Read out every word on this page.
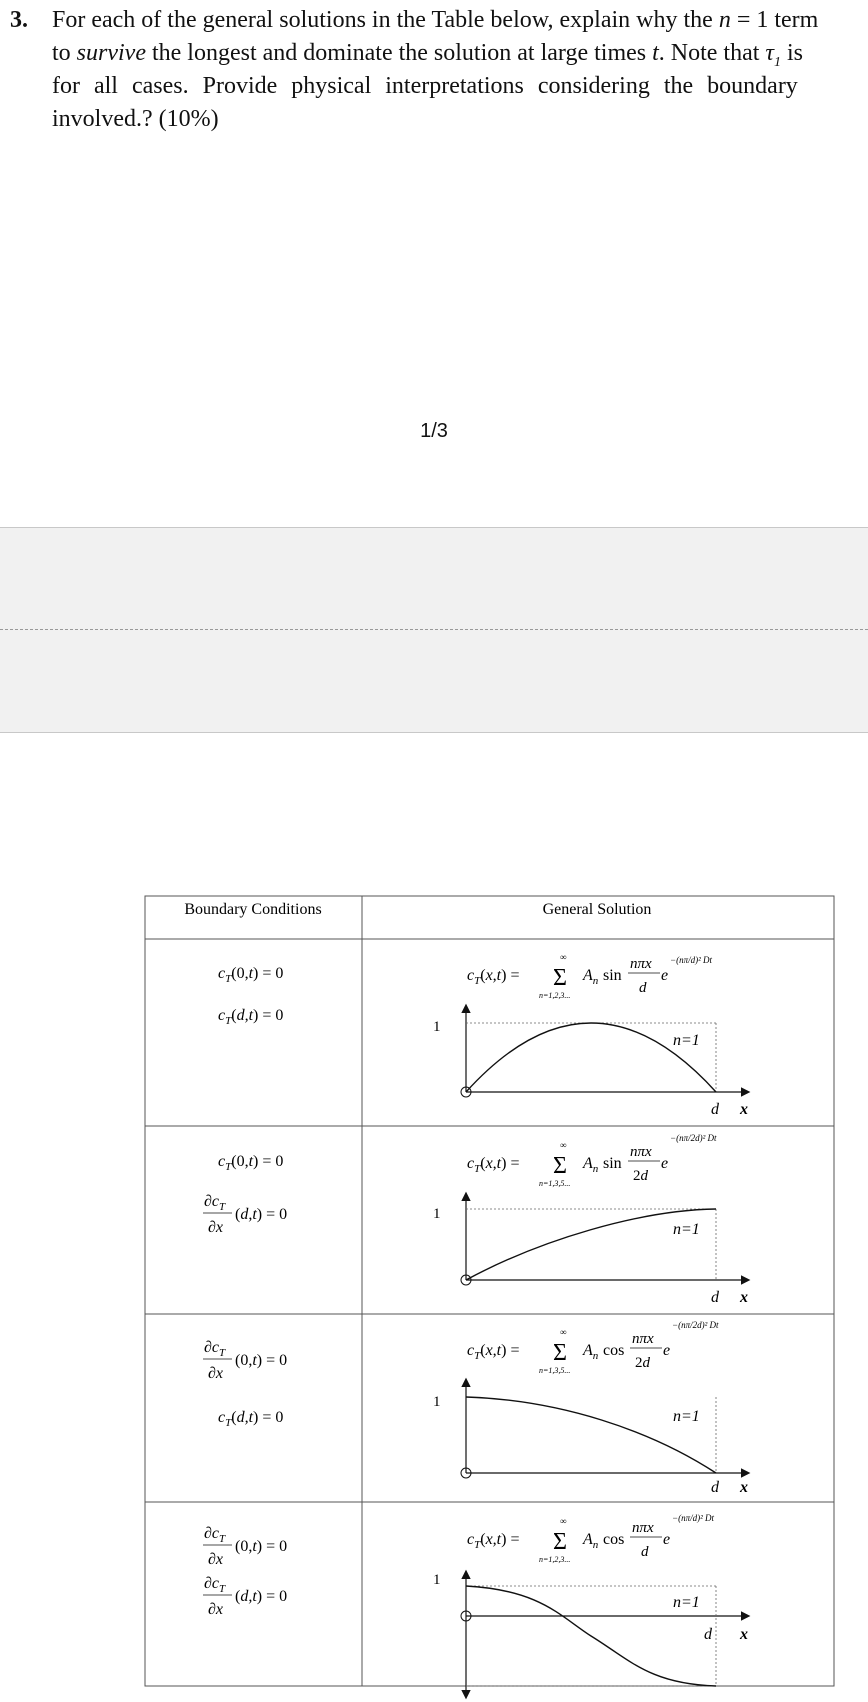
3. For each of the general solutions in the Table below, explain why the n = 1 term
to survive the longest and dominate the solution at large times t. Note that $\tau_1$ is
for all cases. Provide physical interpretations considering the boundary
involved.? (10%)
1/3
Boundary Conditions	General Solution
$c_T(0,t) = 0$
$c_T(d,t) = 0$
$c_T(x,t) = \Sigma$
∞
n=1,2,3...
$A_n$ sin
nπx
d
e
−(nπ/d)² Dt
1
n=1
d x
$c_T(0,t) = 0$
$\partial c_T$
∂x
(d,t) = 0
$c_T(x,t) = \Sigma$
∞
n=1,3,5...
$A_n$ sin
nπx
2d
e
−(nπ/2d)² Dt
1
n=1
d x
$\partial c_T$
∂x
(0,t) = 0
$c_T(d,t) = 0$
$c_T(x,t) = \Sigma$
∞
n=1,3,5...
$A_n$ cos
nπx
2d
e
−(nπ/2d)² Dt
1
n=1
d x
$\partial c_T$
∂x
(0,t) = 0
$\partial c_T$
∂x
(d,t) = 0
$c_T(x,t) = \Sigma$
∞
n=1,2,3...
$A_n$ cos
nπx
d
e
−(nπ/d)² Dt
1
n=1
d x
